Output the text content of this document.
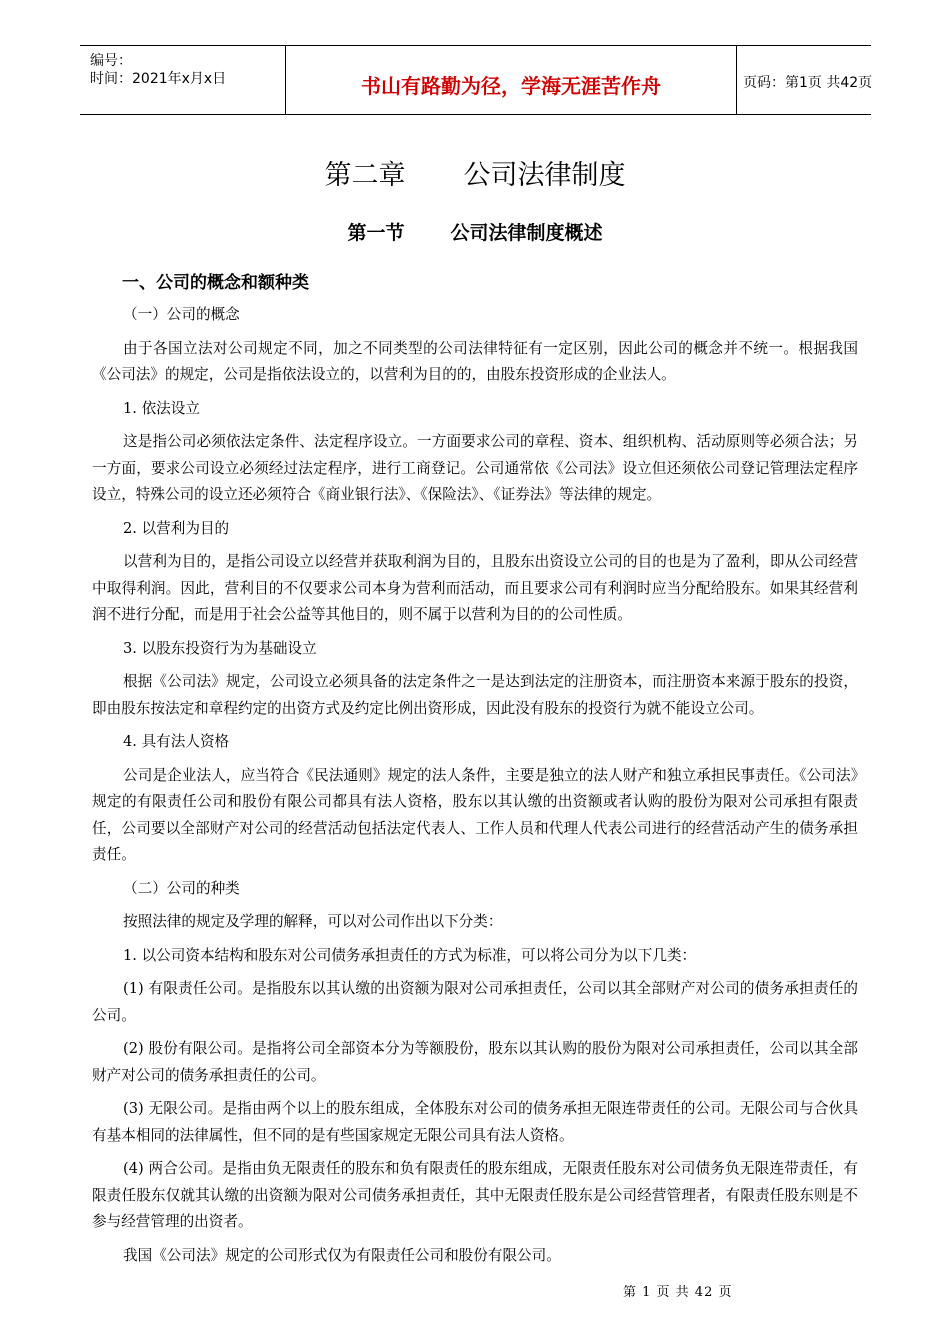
编号：
时间：2021年x月x日	书山有路勤为径，学海无涯苦作舟	页码：第1页 共42页
第二章 公司法律制度
第一节 公司法律制度概述
一、公司的概念和额种类

（一）公司的概念

由于各国立法对公司规定不同，加之不同类型的公司法律特征有一定区别，因此公司的概念并不统一。根据我国《公司法》的规定，公司是指依法设立的，以营利为目的的，由股东投资形成的企业法人。

1. 依法设立

这是指公司必须依法定条件、法定程序设立。一方面要求公司的章程、资本、组织机构、活动原则等必须合法；另一方面，要求公司设立必须经过法定程序，进行工商登记。公司通常依《公司法》设立但还须依公司登记管理法定程序设立，特殊公司的设立还必须符合《商业银行法》、《保险法》、《证券法》等法律的规定。

2. 以营利为目的

以营利为目的，是指公司设立以经营并获取利润为目的，且股东出资设立公司的目的也是为了盈利，即从公司经营中取得利润。因此，营利目的不仅要求公司本身为营利而活动，而且要求公司有利润时应当分配给股东。如果其经营利润不进行分配，而是用于社会公益等其他目的，则不属于以营利为目的的公司性质。

3. 以股东投资行为为基础设立

根据《公司法》规定，公司设立必须具备的法定条件之一是达到法定的注册资本，而注册资本来源于股东的投资，即由股东按法定和章程约定的出资方式及约定比例出资形成，因此没有股东的投资行为就不能设立公司。

4. 具有法人资格

公司是企业法人，应当符合《民法通则》规定的法人条件，主要是独立的法人财产和独立承担民事责任。《公司法》规定的有限责任公司和股份有限公司都具有法人资格，股东以其认缴的出资额或者认购的股份为限对公司承担有限责任，公司要以全部财产对公司的经营活动包括法定代表人、工作人员和代理人代表公司进行的经营活动产生的债务承担责任。

（二）公司的种类

按照法律的规定及学理的解释，可以对公司作出以下分类：

1. 以公司资本结构和股东对公司债务承担责任的方式为标准，可以将公司分为以下几类：

(1) 有限责任公司。是指股东以其认缴的出资额为限对公司承担责任，公司以其全部财产对公司的债务承担责任的公司。

(2) 股份有限公司。是指将公司全部资本分为等额股份，股东以其认购的股份为限对公司承担责任，公司以其全部财产对公司的债务承担责任的公司。

(3) 无限公司。是指由两个以上的股东组成，全体股东对公司的债务承担无限连带责任的公司。无限公司与合伙具有基本相同的法律属性，但不同的是有些国家规定无限公司具有法人资格。

(4) 两合公司。是指由负无限责任的股东和负有限责任的股东组成，无限责任股东对公司债务负无限连带责任，有限责任股东仅就其认缴的出资额为限对公司债务承担责任，其中无限责任股东是公司经营管理者，有限责任股东则是不参与经营管理的出资者。

我国《公司法》规定的公司形式仅为有限责任公司和股份有限公司。

第 1 页 共 42 页
